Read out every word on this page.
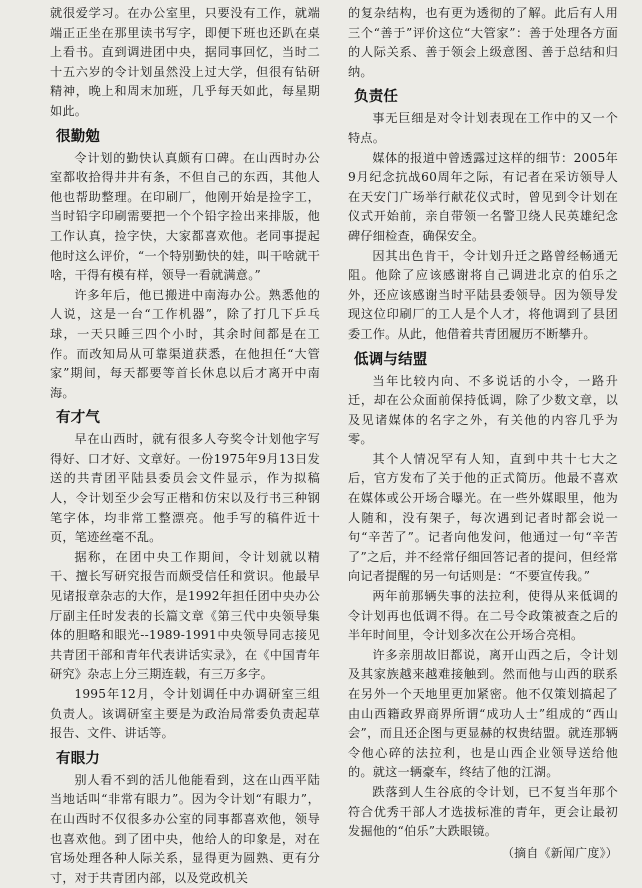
就很爱学习。在办公室里，只要没有工作，就端端正正坐在那里读书写字，即便下班也还趴在桌上看书。直到调进团中央，据同事回忆，当时二十五六岁的令计划虽然没上过大学，但很有钻研精神，晚上和周末加班，几乎每天如此，每星期如此。

很勤勉

令计划的勤快认真颇有口碑。在山西时办公室都收拾得井井有条，不但自己的东西，其他人他也帮助整理。在印刷厂，他刚开始是捡字工，当时铅字印刷需要把一个个铅字捡出来排版，他工作认真，捡字快，大家都喜欢他。老同事提起他时这么评价，“一个特别勤快的娃，叫干啥就干啥，干得有模有样，领导一看就满意。”

许多年后，他已搬进中南海办公。熟悉他的人说，这是一台“工作机器”，除了打几下乒乓球，一天只睡三四个小时，其余时间都是在工作。而改知局从可靠渠道获悉，在他担任“大管家”期间，每天都要等首长休息以后才离开中南海。

有才气

早在山西时，就有很多人夸奖令计划他字写得好、口才好、文章好。一份1975年9月13日发送的共青团平陆县委员会文件显示，作为拟稿人，令计划至少会写正楷和仿宋以及行书三种钢笔字体，均非常工整漂亮。他手写的稿件近十页，笔迹丝毫不乱。

据称，在团中央工作期间，令计划就以精干、擅长写研究报告而颇受信任和赏识。他最早见诸报章杂志的大作，是1992年担任团中央办公厅副主任时发表的长篇文章《第三代中央领导集体的胆略和眼光--1989-1991中央领导同志接见共青团干部和青年代表讲话实录》，在《中国青年研究》杂志上分三期连载，有三万多字。

1995年12月，令计划调任中办调研室三组负责人。该调研室主要是为政治局常委负责起草报告、文件、讲话等。

有眼力

别人看不到的活儿他能看到，这在山西平陆当地话叫“非常有眼力”。因为令计划“有眼力”，在山西时不仅很多办公室的同事都喜欢他，领导也喜欢他。到了团中央，他给人的印象是，对在官场处理各种人际关系，显得更为圆熟、更有分寸，对于共青团内部，以及党政机关

的复杂结构，也有更为透彻的了解。此后有人用三个“善于”评价这位“大管家”：善于处理各方面的人际关系、善于领会上级意图、善于总结和归纳。

负责任

事无巨细是对令计划表现在工作中的又一个特点。

媒体的报道中曾透露过这样的细节：2005年9月纪念抗战60周年之际，有记者在采访领导人在天安门广场举行献花仪式时，曾见到令计划在仪式开始前，亲自带领一名警卫绕人民英雄纪念碑仔细检查，确保安全。

因其出色肯干，令计划升迁之路曾经畅通无阻。他除了应该感谢将自己调进北京的伯乐之外，还应该感谢当时平陆县委领导。因为领导发现这位印刷厂的工人是个人才，将他调到了县团委工作。从此，他借着共青团履历不断攀升。

低调与结盟

当年比较内向、不多说话的小令，一路升迁，却在公众面前保持低调，除了少数文章，以及见诸媒体的名字之外，有关他的内容几乎为零。

其个人情况罕有人知，直到中共十七大之后，官方发布了关于他的正式简历。他最不喜欢在媒体或公开场合曝光。在一些外媒眼里，他为人随和，没有架子，每次遇到记者时都会说一句“辛苦了”。记者向他发问，他通过一句“辛苦了”之后，并不经常仔细回答记者的提问，但经常向记者提醒的另一句话则是：“不要宣传我。”

两年前那辆失事的法拉利，使得从来低调的令计划再也低调不得。在二号令政策被查之后的半年时间里，令计划多次在公开场合亮相。

许多亲朋故旧都说，离开山西之后，令计划及其家族越来越难接触到。然而他与山西的联系在另外一个天地里更加紧密。他不仅策划搞起了由山西籍政界商界所谓“成功人士”组成的“西山会”，而且还企图与更显赫的权贵结盟。就连那辆令他心碎的法拉利，也是山西企业领导送给他的。就这一辆豪车，终结了他的江湖。

跌落到人生谷底的令计划，已不复当年那个符合优秀干部人才选拔标准的青年，更会让最初发掘他的“伯乐”大跌眼镜。

（摘自《新闻广度》）
